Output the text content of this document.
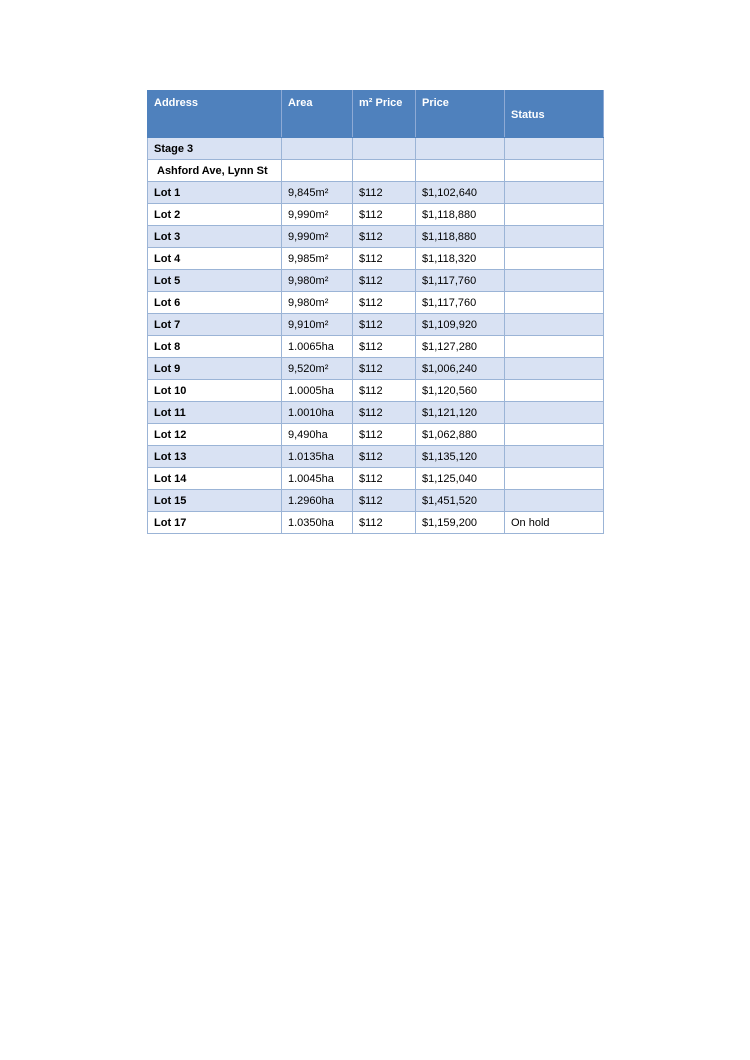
Address	Area	m² Price	Price	Status
Stage 3				
Ashford Ave, Lynn St				
Lot 1	9,845m²	$112	$1,102,640	
Lot 2	9,990m²	$112	$1,118,880	
Lot 3	9,990m²	$112	$1,118,880	
Lot 4	9,985m²	$112	$1,118,320	
Lot 5	9,980m²	$112	$1,117,760	
Lot 6	9,980m²	$112	$1,117,760	
Lot 7	9,910m²	$112	$1,109,920	
Lot 8	1.0065ha	$112	$1,127,280	
Lot 9	9,520m²	$112	$1,006,240	
Lot 10	1.0005ha	$112	$1,120,560	
Lot 11	1.0010ha	$112	$1,121,120	
Lot 12	9,490ha	$112	$1,062,880	
Lot 13	1.0135ha	$112	$1,135,120	
Lot 14	1.0045ha	$112	$1,125,040	
Lot 15	1.2960ha	$112	$1,451,520	
Lot 17	1.0350ha	$112	$1,159,200	On hold
